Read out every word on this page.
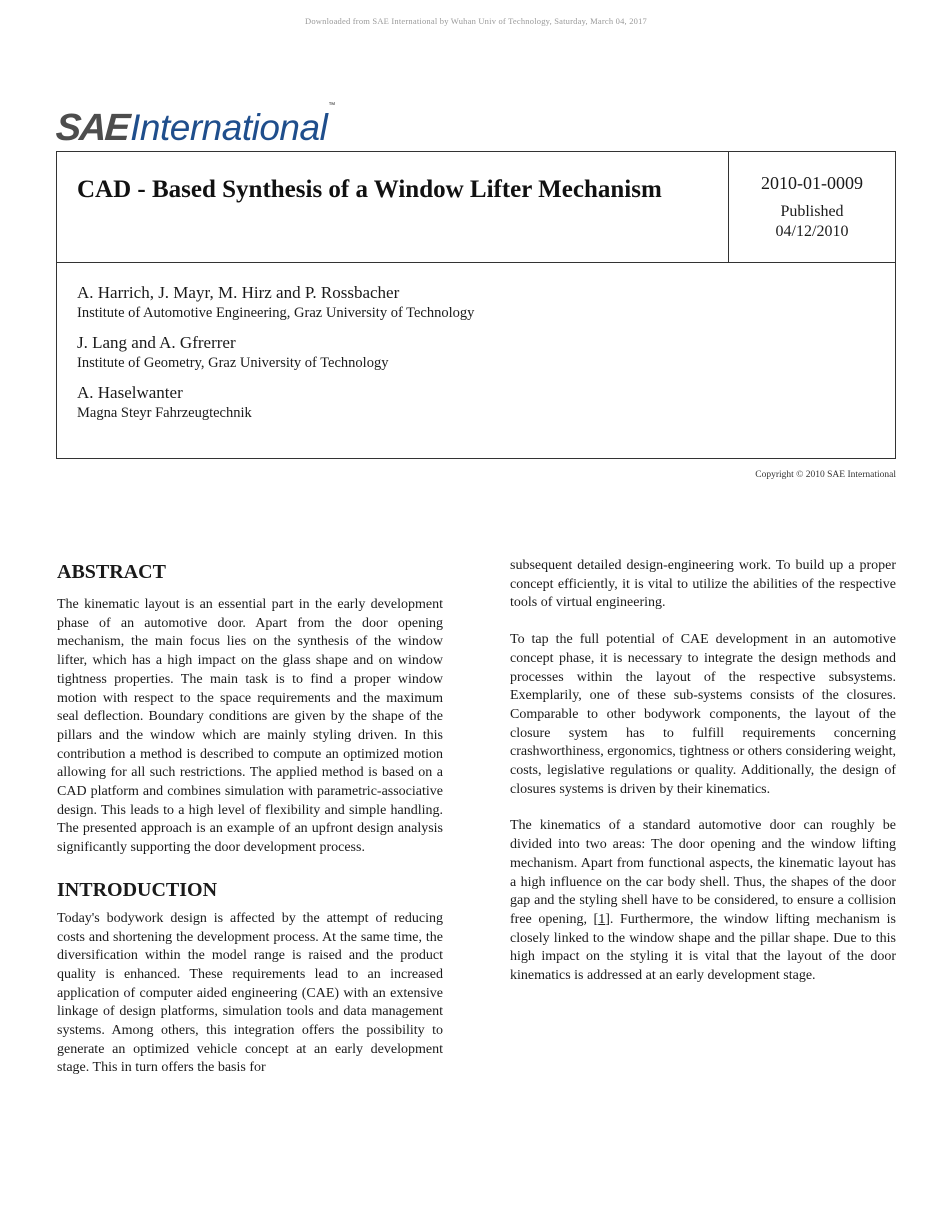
Downloaded from SAE International by Wuhan Univ of Technology, Saturday, March 04, 2017
SAE International
™
CAD - Based Synthesis of a Window Lifter Mechanism	2010-01-0009
Published
04/12/2010
A. Harrich, J. Mayr, M. Hirz and P. Rossbacher
Institute of Automotive Engineering, Graz University of Technology
J. Lang and A. Gfrerrer
Institute of Geometry, Graz University of Technology
A. Haselwanter
Magna Steyr Fahrzeugtechnik
Copyright © 2010 SAE International
ABSTRACT

The kinematic layout is an essential part in the early development phase of an automotive door. Apart from the door opening mechanism, the main focus lies on the synthesis of the window lifter, which has a high impact on the glass shape and on window tightness properties. The main task is to find a proper window motion with respect to the space requirements and the maximum seal deflection. Boundary conditions are given by the shape of the pillars and the window which are mainly styling driven. In this contribution a method is described to compute an optimized motion allowing for all such restrictions. The applied method is based on a CAD platform and combines simulation with parametric-associative design. This leads to a high level of flexibility and simple handling. The presented approach is an example of an upfront design analysis significantly supporting the door development process.

INTRODUCTION

Today's bodywork design is affected by the attempt of reducing costs and shortening the development process. At the same time, the diversification within the model range is raised and the product quality is enhanced. These requirements lead to an increased application of computer aided engineering (CAE) with an extensive linkage of design platforms, simulation tools and data management systems. Among others, this integration offers the possibility to generate an optimized vehicle concept at an early development stage. This in turn offers the basis for

subsequent detailed design-engineering work. To build up a proper concept efficiently, it is vital to utilize the abilities of the respective tools of virtual engineering.

To tap the full potential of CAE development in an automotive concept phase, it is necessary to integrate the design methods and processes within the layout of the respective subsystems. Exemplarily, one of these sub-systems consists of the closures. Comparable to other bodywork components, the layout of the closure system has to fulfill requirements concerning crashworthiness, ergonomics, tightness or others considering weight, costs, legislative regulations or quality. Additionally, the design of closures systems is driven by their kinematics.

The kinematics of a standard automotive door can roughly be divided into two areas: The door opening and the window lifting mechanism. Apart from functional aspects, the kinematic layout has a high influence on the car body shell. Thus, the shapes of the door gap and the styling shell have to be considered, to ensure a collision free opening, [1]. Furthermore, the window lifting mechanism is closely linked to the window shape and the pillar shape. Due to this high impact on the styling it is vital that the layout of the door kinematics is addressed at an early development stage.
